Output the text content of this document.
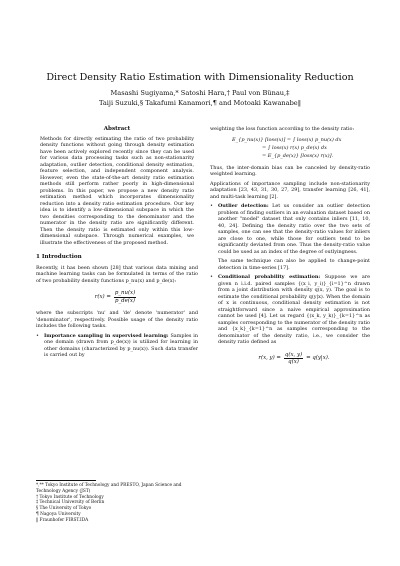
Direct Density Ratio Estimation with Dimensionality Reduction
Masashi Sugiyama,* Satoshi Hara,† Paul von Bünau,‡
Taiji Suzuki,§ Takafumi Kanamori,¶ and Motoaki Kawanabe‖
Abstract

Methods for directly estimating the ratio of two probability density functions without going through density estimation have been actively explored recently since they can be used for various data processing tasks such as non-stationarity adaptation, outlier detection, conditional density estimation, feature selection, and independent component analysis. However, even the state-of-the-art density ratio estimation methods still perform rather poorly in high-dimensional problems. In this paper, we propose a new density ratio estimation method which incorporates dimensionality reduction into a density ratio estimation procedure. Our key idea is to identify a low-dimensional subspace in which the two densities corresponding to the denominator and the numerator in the density ratio are significantly different. Then the density ratio is estimated only within this low-dimensional subspace. Through numerical examples, we illustrate the effectiveness of the proposed method.

1 Introduction

Recently, it has been shown [28] that various data mining and machine learning tasks can be formulated in terms of the ratio of two probability density functions p_nu(x) and p_de(x):

$r(x) = \frac{p\_nu(x)}{p\_de(x)}$

where the subscripts 'nu' and 'de' denote 'numerator' and 'denominator', respectively. Possible usage of the density ratio includes the following tasks.

•	Importance sampling in supervised learning: Samples in one domain (drawn from p_de(x)) is utilized for learning in other domains (characterized by p_nu(x)). Such data transfer is carried out by
*,** Tokyo Institute of Technology and PRESTO, Japan Science and Technology Agency (JST)
† Tokyo Institute of Technology
‡ Technical University of Berlin
§ The University of Tokyo
¶ Nagoya University
‖ Fraunhofer FIRST.IDA

weighting the loss function according to the density ratio:

E_{p_nu(x)} [loss(x)] = ∫ loss(x) p_nu(x) dx
= ∫ loss(x) r(x) p_de(x) dx
= E_{p_de(x)} [loss(x) r(x)].

Thus, the inter-domain bias can be canceled by density-ratio weighted learning.

Applications of importance sampling include non-stationarity adaptation [23, 43, 31, 30, 27, 29], transfer learning [26, 41], and multi-task learning [2].

•	Outlier detection: Let us consider an outlier detection problem of finding outliers in an evaluation dataset based on another "model" dataset that only contains inliers [11, 10, 40, 24]. Defining the density ratio over the two sets of samples, one can see that the density-ratio values for inliers are close to one, while those for outliers tend to be significantly deviated from one. Thus the density-ratio value could be used as an index of the degree of outlyingness.
The same technique can also be applied to change-point detection in time-series [17].
•	Conditional probability estimation: Suppose we are given n i.i.d. paired samples {(x_i, y_i)}_{i=1}^n drawn from a joint distribution with density q(x, y). The goal is to estimate the conditional probability q(y|x). When the domain of x is continuous, conditional density estimation is not straightforward since a naive empirical approximation cannot be used [4]. Let us regard {(x_k, y_k)}_{k=1}^n as samples corresponding to the numerator of the density ratio and {x_k}_{k=1}^n as samples corresponding to the denominator of the density ratio, i.e., we consider the density ratio defined as
r(x, $y) = \frac{q(x, y)}{q(x)} = q(y|x)$.
